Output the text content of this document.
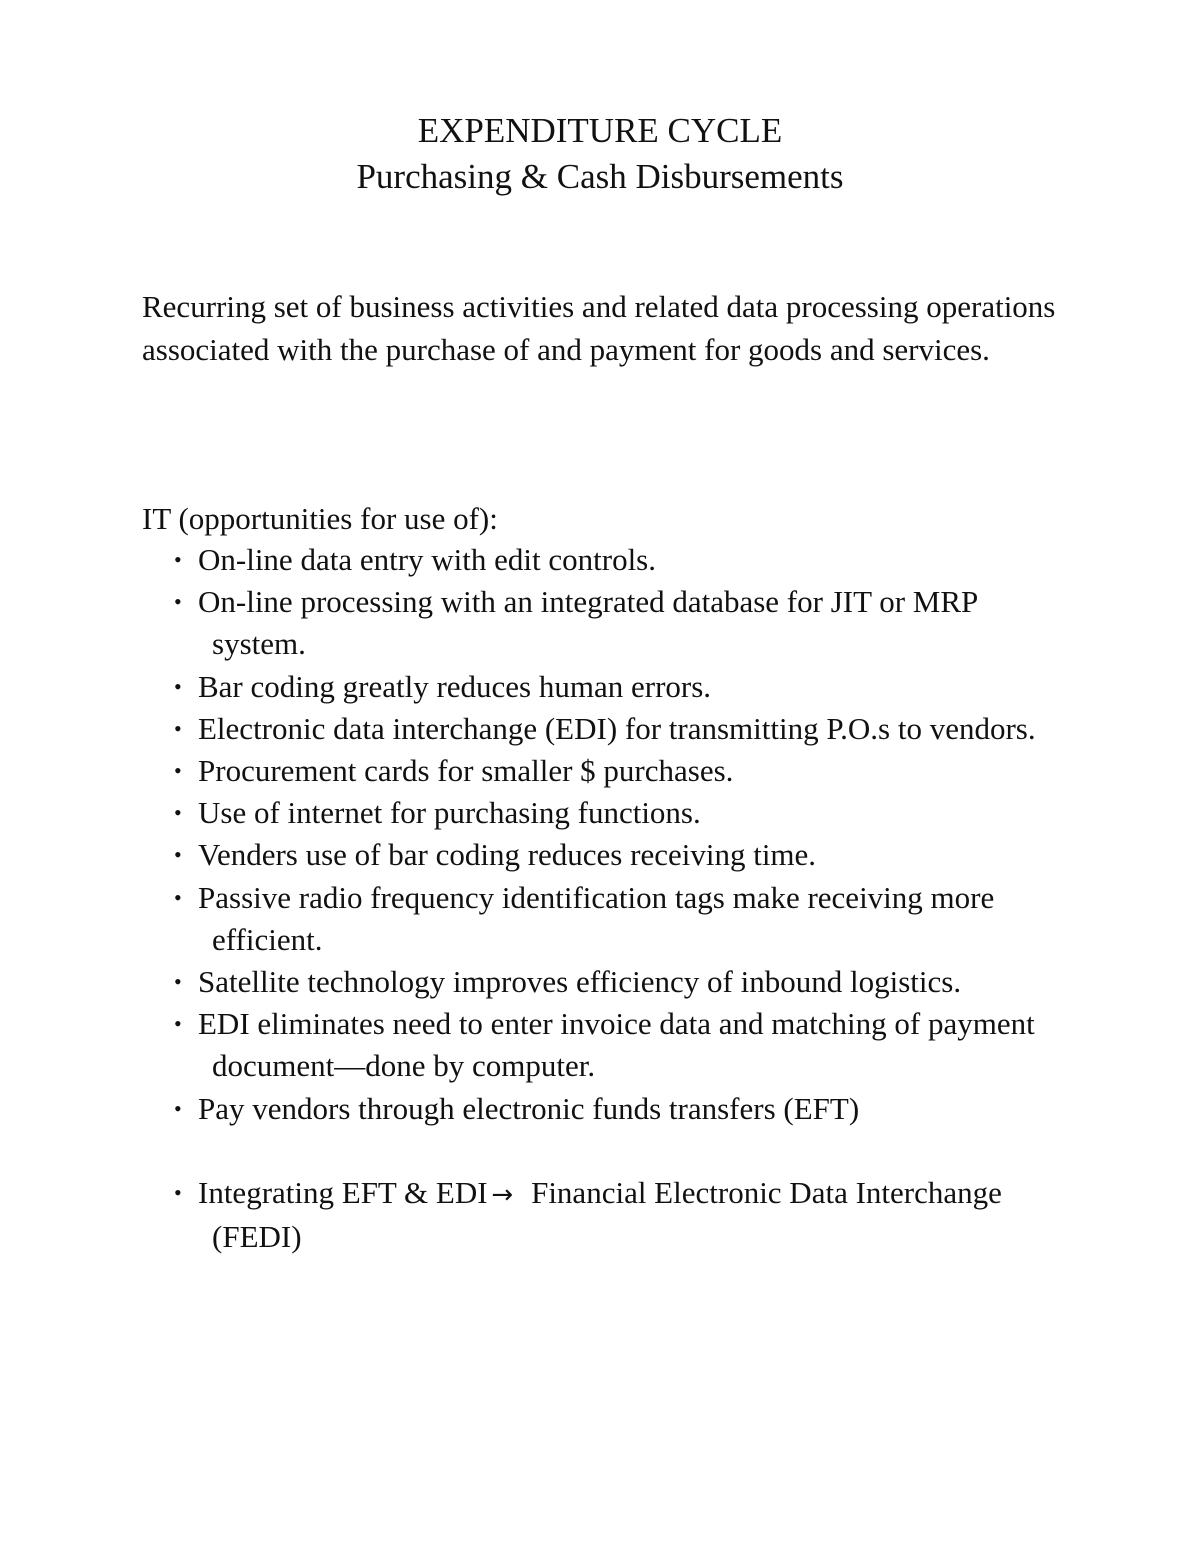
EXPENDITURE CYCLE
Purchasing & Cash Disbursements

Recurring set of business activities and related data processing operations associated with the purchase of and payment for goods and services.

IT (opportunities for use of):

• On-line data entry with edit controls.
• On-line processing with an integrated database for JIT or MRP system.
• Bar coding greatly reduces human errors.
• Electronic data interchange (EDI) for transmitting P.O.s to vendors.
• Procurement cards for smaller $ purchases.
• Use of internet for purchasing functions.
• Venders use of bar coding reduces receiving time.
• Passive radio frequency identification tags make receiving more efficient.
• Satellite technology improves efficiency of inbound logistics.
• EDI eliminates need to enter invoice data and matching of payment document—done by computer.
• Pay vendors through electronic funds transfers (EFT)
• Integrating EFT & EDI → Financial Electronic Data Interchange (FEDI)
